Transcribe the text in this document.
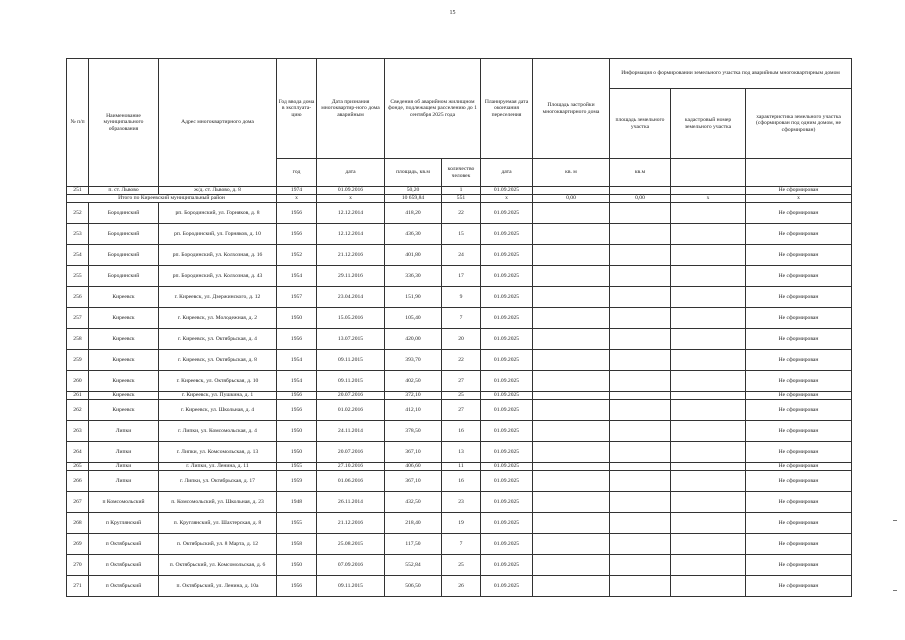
15
№ п/п	Наименование муниципального образования	Адрес многоквартирного дома	Год ввода дома в эксплуата-цию	Дата признания многоквартир-ного дома аварийным	Сведения об аварийном жилищном фонде, подлежащем расселению до 1 сентября 2025 года		Планируемая дата окончания переселения	Площадь застройки многоквартирного дома	Информация о формировании земельного участка под аварийным многоквартирным домом		
									площадь земельного участка	кадастровый номер земельного участка	характеристика земельного участка (сформирован под одним домом, не сформирован)
			год	дата	площадь, кв.м	количество человек	дата	кв. м	кв.м		
251	п. ст. Львово	ж/д. ст. Львово, д. 8	1974	01.09.2016	50,20	1	01.09.2025				Не сформирован
Итого по Киреевский муниципальный район			х	х	10 659,84	551	х	0,00	0,00	х	х
252	Бородинский	рп. Бородинский, ул. Горняков, д. 8	1956	12.12.2014	418,20	22	01.09.2025				Не сформирован
253	Бородинский	рп. Бородинский, ул. Горняков, д. 10	1956	12.12.2014	436,30	15	01.09.2025				Не сформирован
254	Бородинский	рп. Бородинский, ул. Колхозная, д. 16	1952	21.12.2016	401,80	24	01.09.2025				Не сформирован
255	Бородинский	рп. Бородинский, ул. Колхозная, д. 43	1954	29.11.2016	336,30	17	01.09.2025				Не сформирован
256	Киреевск	г. Киреевск, ул. Дзержинского, д. 12	1957	23.04.2014	151,90	9	01.09.2025				Не сформирован
257	Киреевск	г. Киреевск, ул. Молодежная, д. 2	1950	15.05.2016	105,40	7	01.09.2025				Не сформирован
258	Киреевск	г. Киреевск, ул. Октябрьская, д. 4	1956	13.07.2015	420,00	20	01.09.2025				Не сформирован
259	Киреевск	г. Киреевск, ул. Октябрьская, д. 8	1954	09.11.2015	393,70	22	01.09.2025				Не сформирован
260	Киреевск	г. Киреевск, ул. Октябрьская, д. 10	1954	09.11.2015	402,50	27	01.09.2025				Не сформирован
261	Киреевск	г. Киреевск, ул. Пушкина, д. 1	1956	20.07.2016	372,10	25	01.09.2025				Не сформирован
262	Киреевск	г. Киреевск, ул. Школьная, д. 4	1956	01.02.2016	412,10	27	01.09.2025				Не сформирован
263	Липки	г. Липки, ул. Комсомольская, д. 4	1950	24.11.2014	378,50	16	01.09.2025				Не сформирован
264	Липки	г. Липки, ул. Комсомольская, д. 13	1950	20.07.2016	367,10	13	01.09.2025				Не сформирован
265	Липки	г. Липки, ул. Ленина, д. 11	1955	27.10.2016	406,60	11	01.09.2025				Не сформирован
266	Липки	г. Липки, ул. Октябрьская, д. 17	1959	01.06.2016	367,10	16	01.09.2025				Не сформирован
267	п Комсомольский	п. Комсомольский, ул. Школьная, д. 23	1948	26.11.2014	432,50	23	01.09.2025				Не сформирован
268	п Круглянский	п. Круглянский, ул. Шахтерская, д. 8	1955	21.12.2016	218,40	19	01.09.2025				Не сформирован
269	п Октябрьский	п. Октябрьский, ул. 8 Марта, д. 12	1958	25.08.2015	117,50	7	01.09.2025				Не сформирован
270	п Октябрьский	п. Октябрьский, ул. Комсомольская, д. 6	1950	07.09.2016	552,84	25	01.09.2025				Не сформирован
271	п Октябрьский	п. Октябрьский, ул. Ленина, д. 10а	1956	09.11.2015	506,50	26	01.09.2025				Не сформирован
